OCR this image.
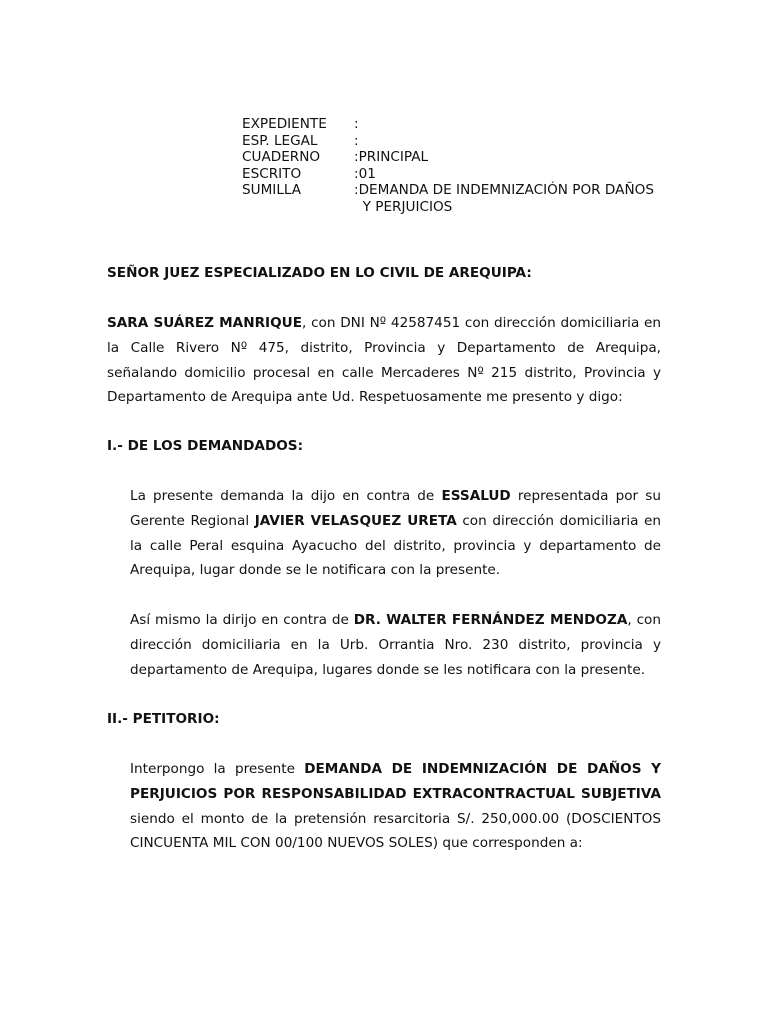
EXPEDIENTE	:
ESP. LEGAL	:
CUADERNO	:PRINCIPAL
ESCRITO	:01
SUMILLA	:DEMANDA DE INDEMNIZACIÓN POR DAÑOS
Y PERJUICIOS
SEÑOR JUEZ ESPECIALIZADO EN LO CIVIL DE AREQUIPA:
SARA SUÁREZ MANRIQUE, con DNI Nº 42587451 con dirección domiciliaria en la Calle Rivero Nº 475, distrito, Provincia y Departamento de Arequipa, señalando domicilio procesal en calle Mercaderes Nº 215 distrito, Provincia y Departamento de Arequipa ante Ud. Respetuosamente me presento y digo:
I.- DE LOS DEMANDADOS:
La presente demanda la dijo en contra de ESSALUD representada por su Gerente Regional JAVIER VELASQUEZ URETA con dirección domiciliaria en la calle Peral esquina Ayacucho del distrito, provincia y departamento de Arequipa, lugar donde se le notificara con la presente.
Así mismo la dirijo en contra de DR. WALTER FERNÁNDEZ MENDOZA, con dirección domiciliaria en la Urb. Orrantia Nro. 230 distrito, provincia y departamento de Arequipa, lugares donde se les notificara con la presente.
II.- PETITORIO:
Interpongo la presente DEMANDA DE INDEMNIZACIÓN DE DAÑOS Y PERJUICIOS POR RESPONSABILIDAD EXTRACONTRACTUAL SUBJETIVA siendo el monto de la pretensión resarcitoria S/. 250,000.00 (DOSCIENTOS CINCUENTA MIL CON 00/100 NUEVOS SOLES) que corresponden a:
